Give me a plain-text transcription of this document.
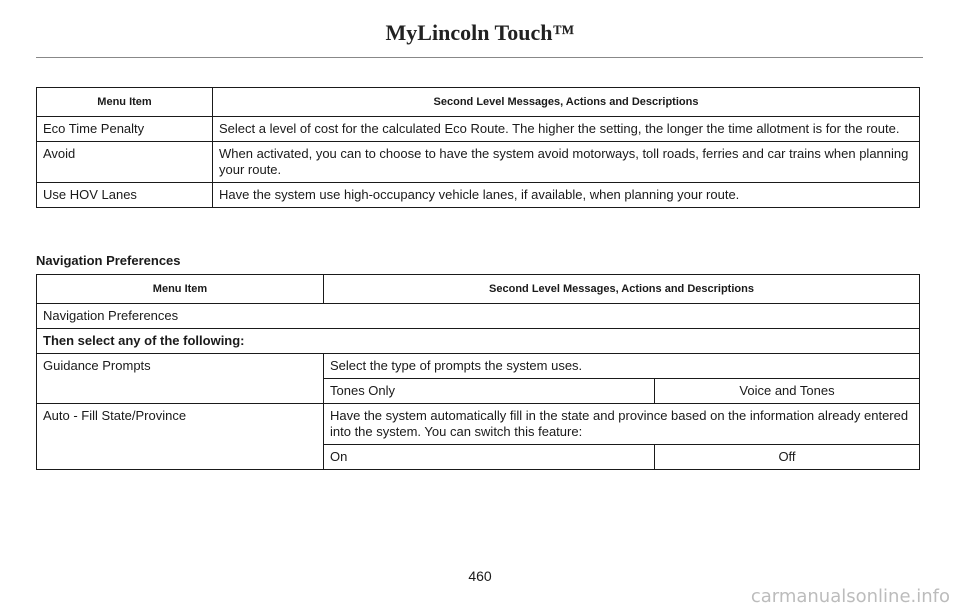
MyLincoln Touch™
Menu Item	Second Level Messages, Actions and Descriptions
Eco Time Penalty	Select a level of cost for the calculated Eco Route. The higher the setting, the longer the time allotment is for the route.
Avoid	When activated, you can to choose to have the system avoid motorways, toll roads, ferries and car trains when planning your route.
Use HOV Lanes	Have the system use high-occupancy vehicle lanes, if available, when planning your route.
Navigation Preferences
Menu Item	Second Level Messages, Actions and Descriptions	
Navigation Preferences		
Then select any of the following:		
Guidance Prompts	Select the type of prompts the system uses.	
	Tones Only	Voice and Tones
Auto - Fill State/Province	Have the system automatically fill in the state and province based on the information already entered into the system. You can switch this feature:	
	On	Off
460
carmanualsonline.info
